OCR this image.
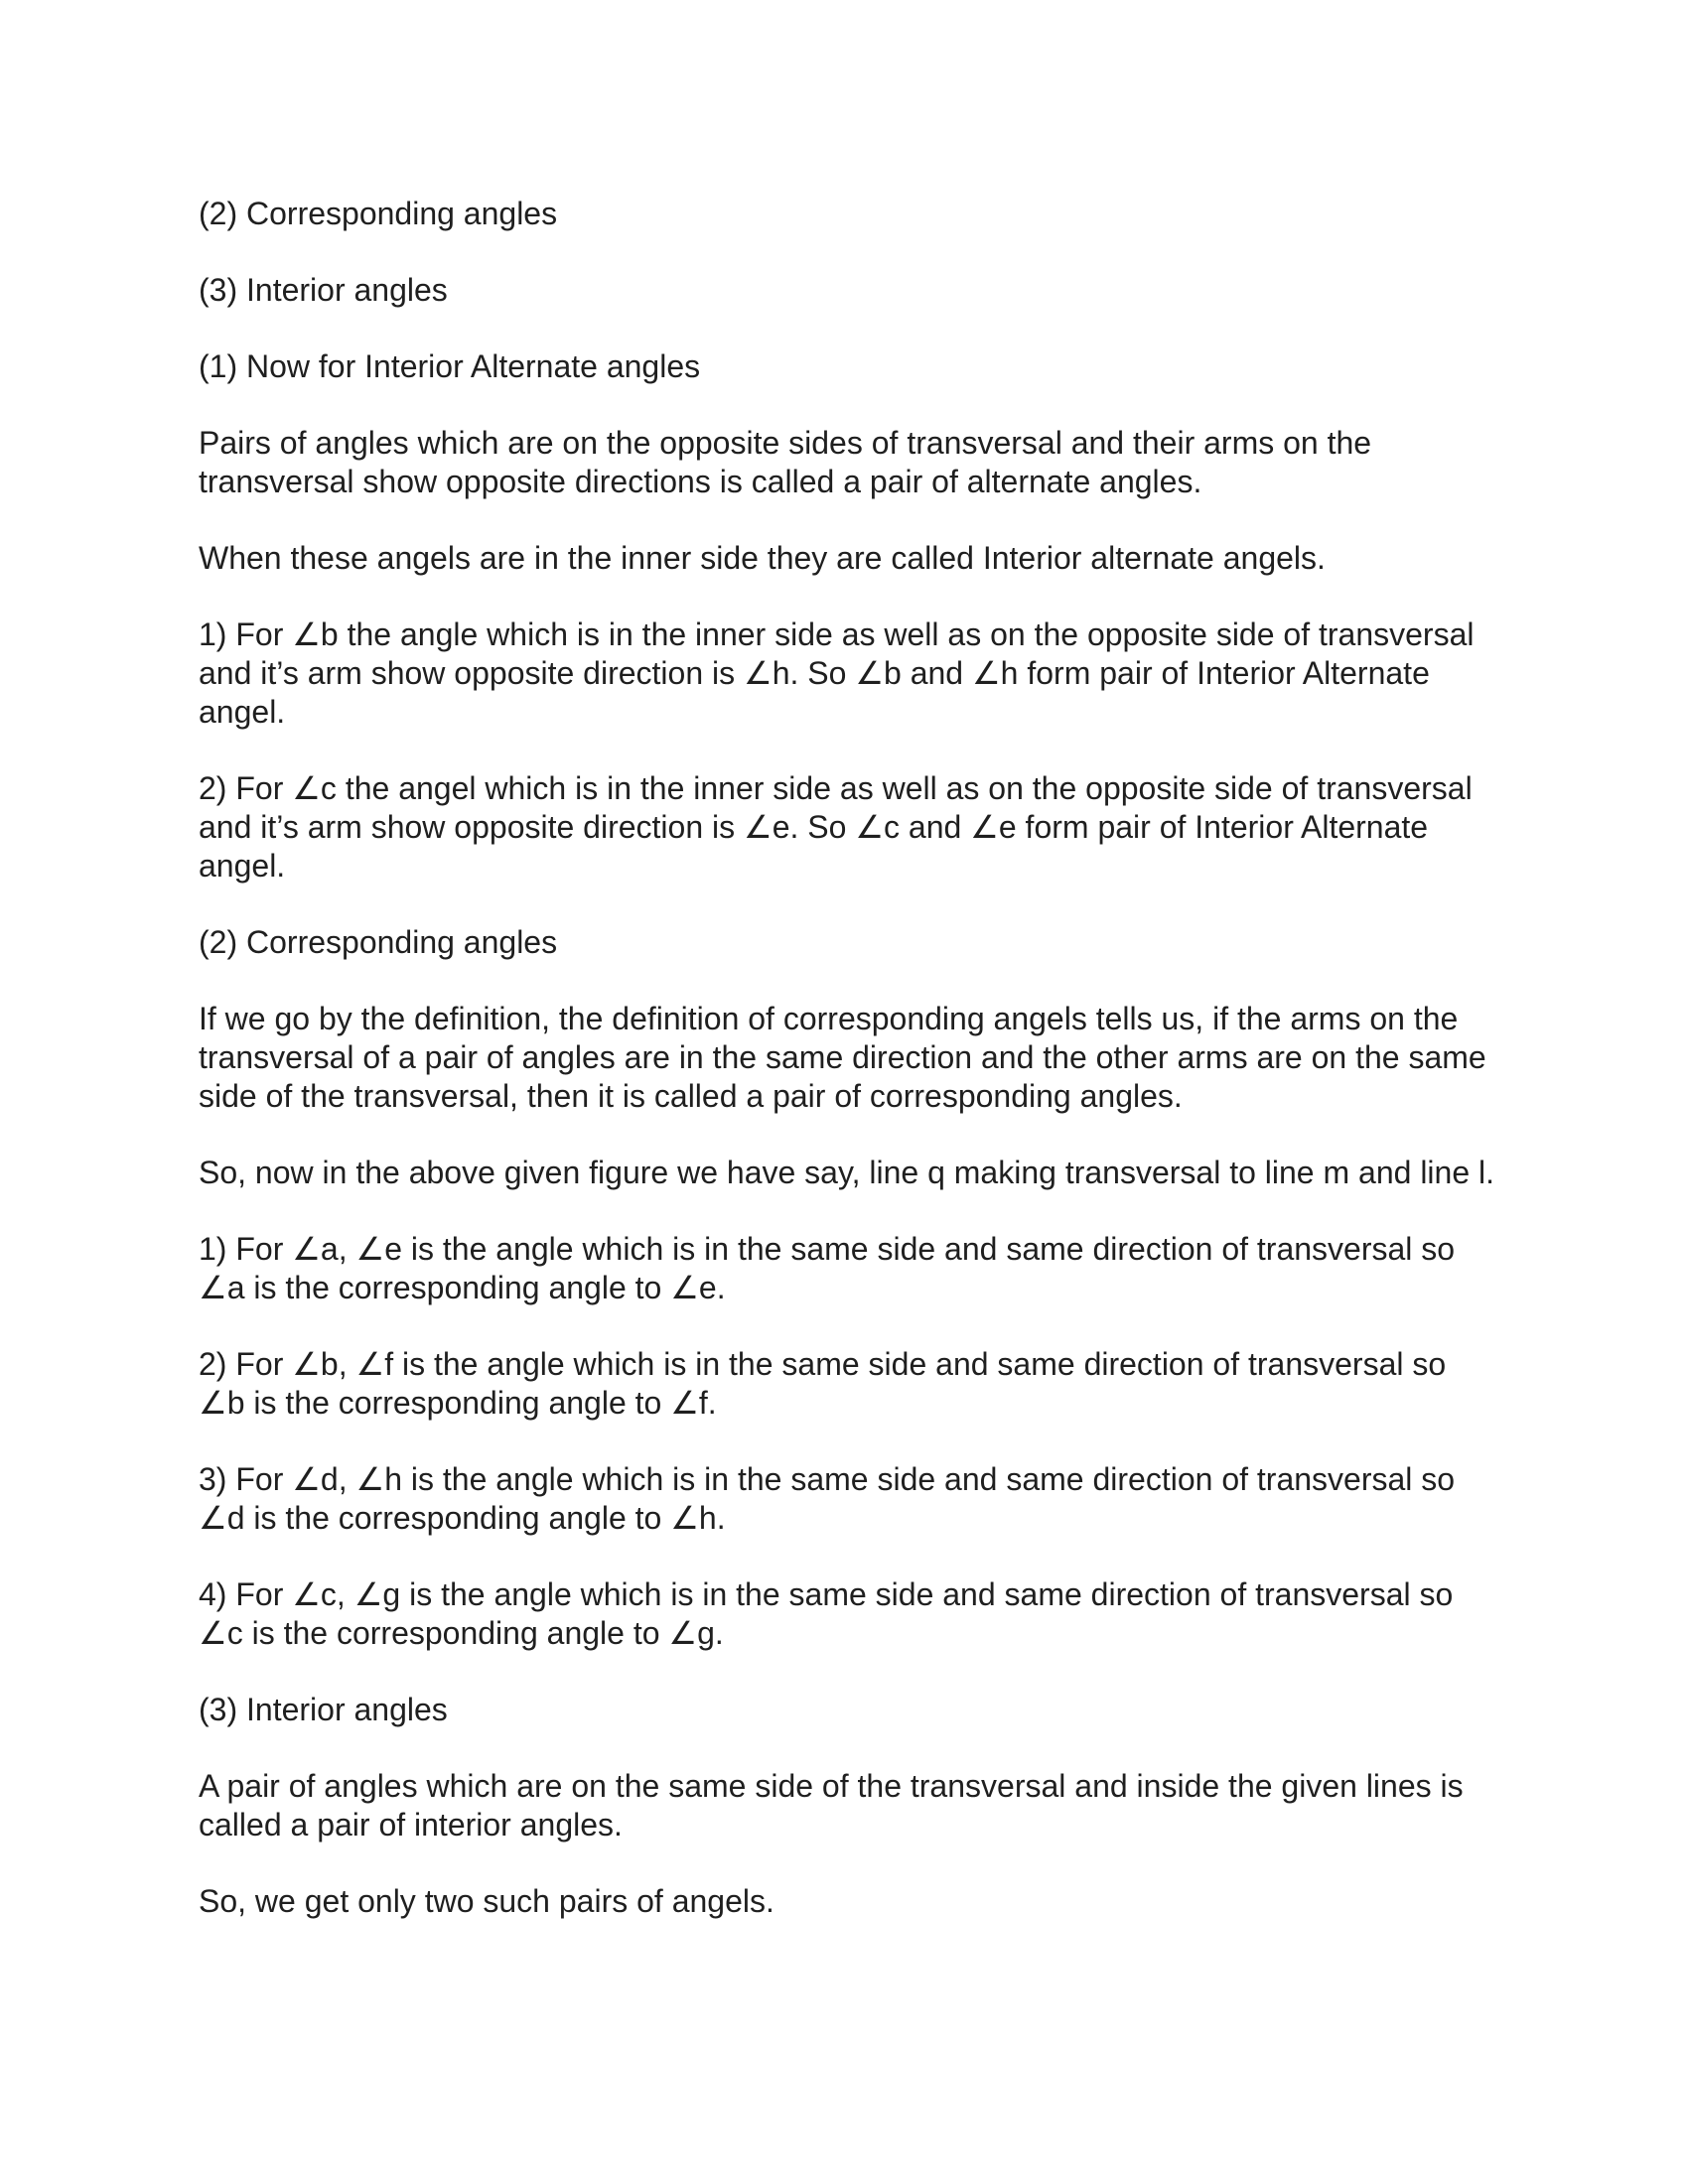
(2) Corresponding angles

(3) Interior angles

(1) Now for Interior Alternate angles

Pairs of angles which are on the opposite sides of transversal and their arms on the transversal show opposite directions is called a pair of alternate angles.

When these angels are in the inner side they are called Interior alternate angels.

1) For ∠b the angle which is in the inner side as well as on the opposite side of transversal and it’s arm show opposite direction is ∠h. So ∠b and ∠h form pair of Interior Alternate angel.

2) For ∠c the angel which is in the inner side as well as on the opposite side of transversal and it’s arm show opposite direction is ∠e. So ∠c and ∠e form pair of Interior Alternate angel.

(2) Corresponding angles

If we go by the definition, the definition of corresponding angels tells us, if the arms on the transversal of a pair of angles are in the same direction and the other arms are on the same side of the transversal, then it is called a pair of corresponding angles.

So, now in the above given figure we have say, line q making transversal to line m and line l.

1) For ∠a, ∠e is the angle which is in the same side and same direction of transversal so ∠a is the corresponding angle to ∠e.

2) For ∠b, ∠f is the angle which is in the same side and same direction of transversal so ∠b is the corresponding angle to ∠f.

3) For ∠d, ∠h is the angle which is in the same side and same direction of transversal so ∠d is the corresponding angle to ∠h.

4) For ∠c, ∠g is the angle which is in the same side and same direction of transversal so ∠c is the corresponding angle to ∠g.

(3) Interior angles

A pair of angles which are on the same side of the transversal and inside the given lines is called a pair of interior angles.

So, we get only two such pairs of angels.
